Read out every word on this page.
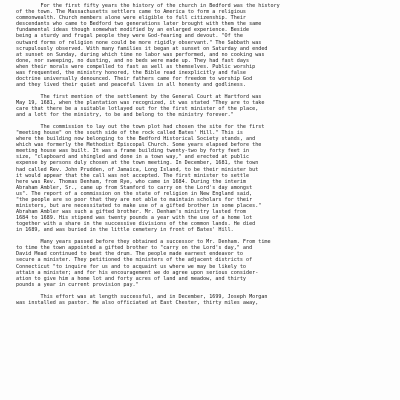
For the first fifty years the history of the church in Bedford was the history
of the town. The Massachusetts settlers came to America to form a religious
commonwealth. Church members alone were eligible to full citizenship. Their
descendants who came to Bedford two generations later brought with them the same
fundamental ideas though somewhat modified by an enlarged experience. Beside
being a sturdy and frugal people they were God-fearing and devout. "Of the
outward forms of religion none could be more rigidly observant." The Sabbath was
scrupulously observed. With many families it began at sunset on Saturday and ended
at sunset on Sunday, during which time no labor was performed, and no cooking was
done, nor sweeping, no dusting, and no beds were made up. They had fast days
when their morals were compelled to fast as well as themselves. Public worship
was frequented, the ministry honored, the Bible read inexplicitly and false
doctrine universally denounced. Their fathers came for freedom to worship God
and they lived their quiet and peaceful lives in all honesty and godliness.
The first mention of the settlement by the General Court at Hartford was
May 19, 1681, when the plantation was recognized, it was stated "They are to take
care that there be a suitable lotlayed out for the first minister of the place,
and a lott for the ministry, to be and belong to the ministry forever."
The commission to lay out the town plot had chosen the site for the first
"meeting house" on the south side of the rock called Bates' Hill." This is
where the building now belonging to the Bedford Historical Society stands, and
which was formerly the Methodist Episcopal Church. Some years elapsed before the
meeting house was built. It was a frame building twenty-two by forty feet in
size, "clapboard and shingled and done in a town way," and erected at public
expense by persons duly chosen at the town meeting. In December, 1681, the town
had called Rev. John Prudden, of Jamaica, Long Island, to be their minister but
it would appear that the call was not accepted. The first minister to settle
here was Rev. Thomas Denham, from Rye, who came in 1684. During the interim
Abraham Ambler, Sr., came up from Stamford to carry on the Lord's day amongst
us". The report of a commission on the state of religion in New England said,
"the people are so poor that they are not able to maintain scholars for their
ministers, but are necessitated to make use of a gifted brother in some places."
Abraham Ambler was such a gifted brother. Mr. Denham's ministry lasted from
1684 to 1689. His stipend was twenty pounds a year with the use of a home lot
together with a share in the successive divisions of the common lands. He died
in 1689, and was buried in the little cemetery in front of Bates' Hill.
Many years passed before they obtained a successor to Mr. Denham. From time
to time the town appointed a gifted brother to "carry on the Lord's day," and
David Mead continued to beat the drum. The people made earnest endeavor to
secure a minister. They petitioned the ministers of the adjacent districts of
Connecticut "to inquire for us and to acquaint us where we may be likely to
attain a minister; and for his encouragement we do agree upon serious consider-
ation to give him a home lot and forty acres of land and meadow, and thirty
pounds a year in current provision pay."
This effort was at length successful, and in December, 1699, Joseph Morgan
was installed as pastor. He also officiated at East Chester, thirty miles away,
